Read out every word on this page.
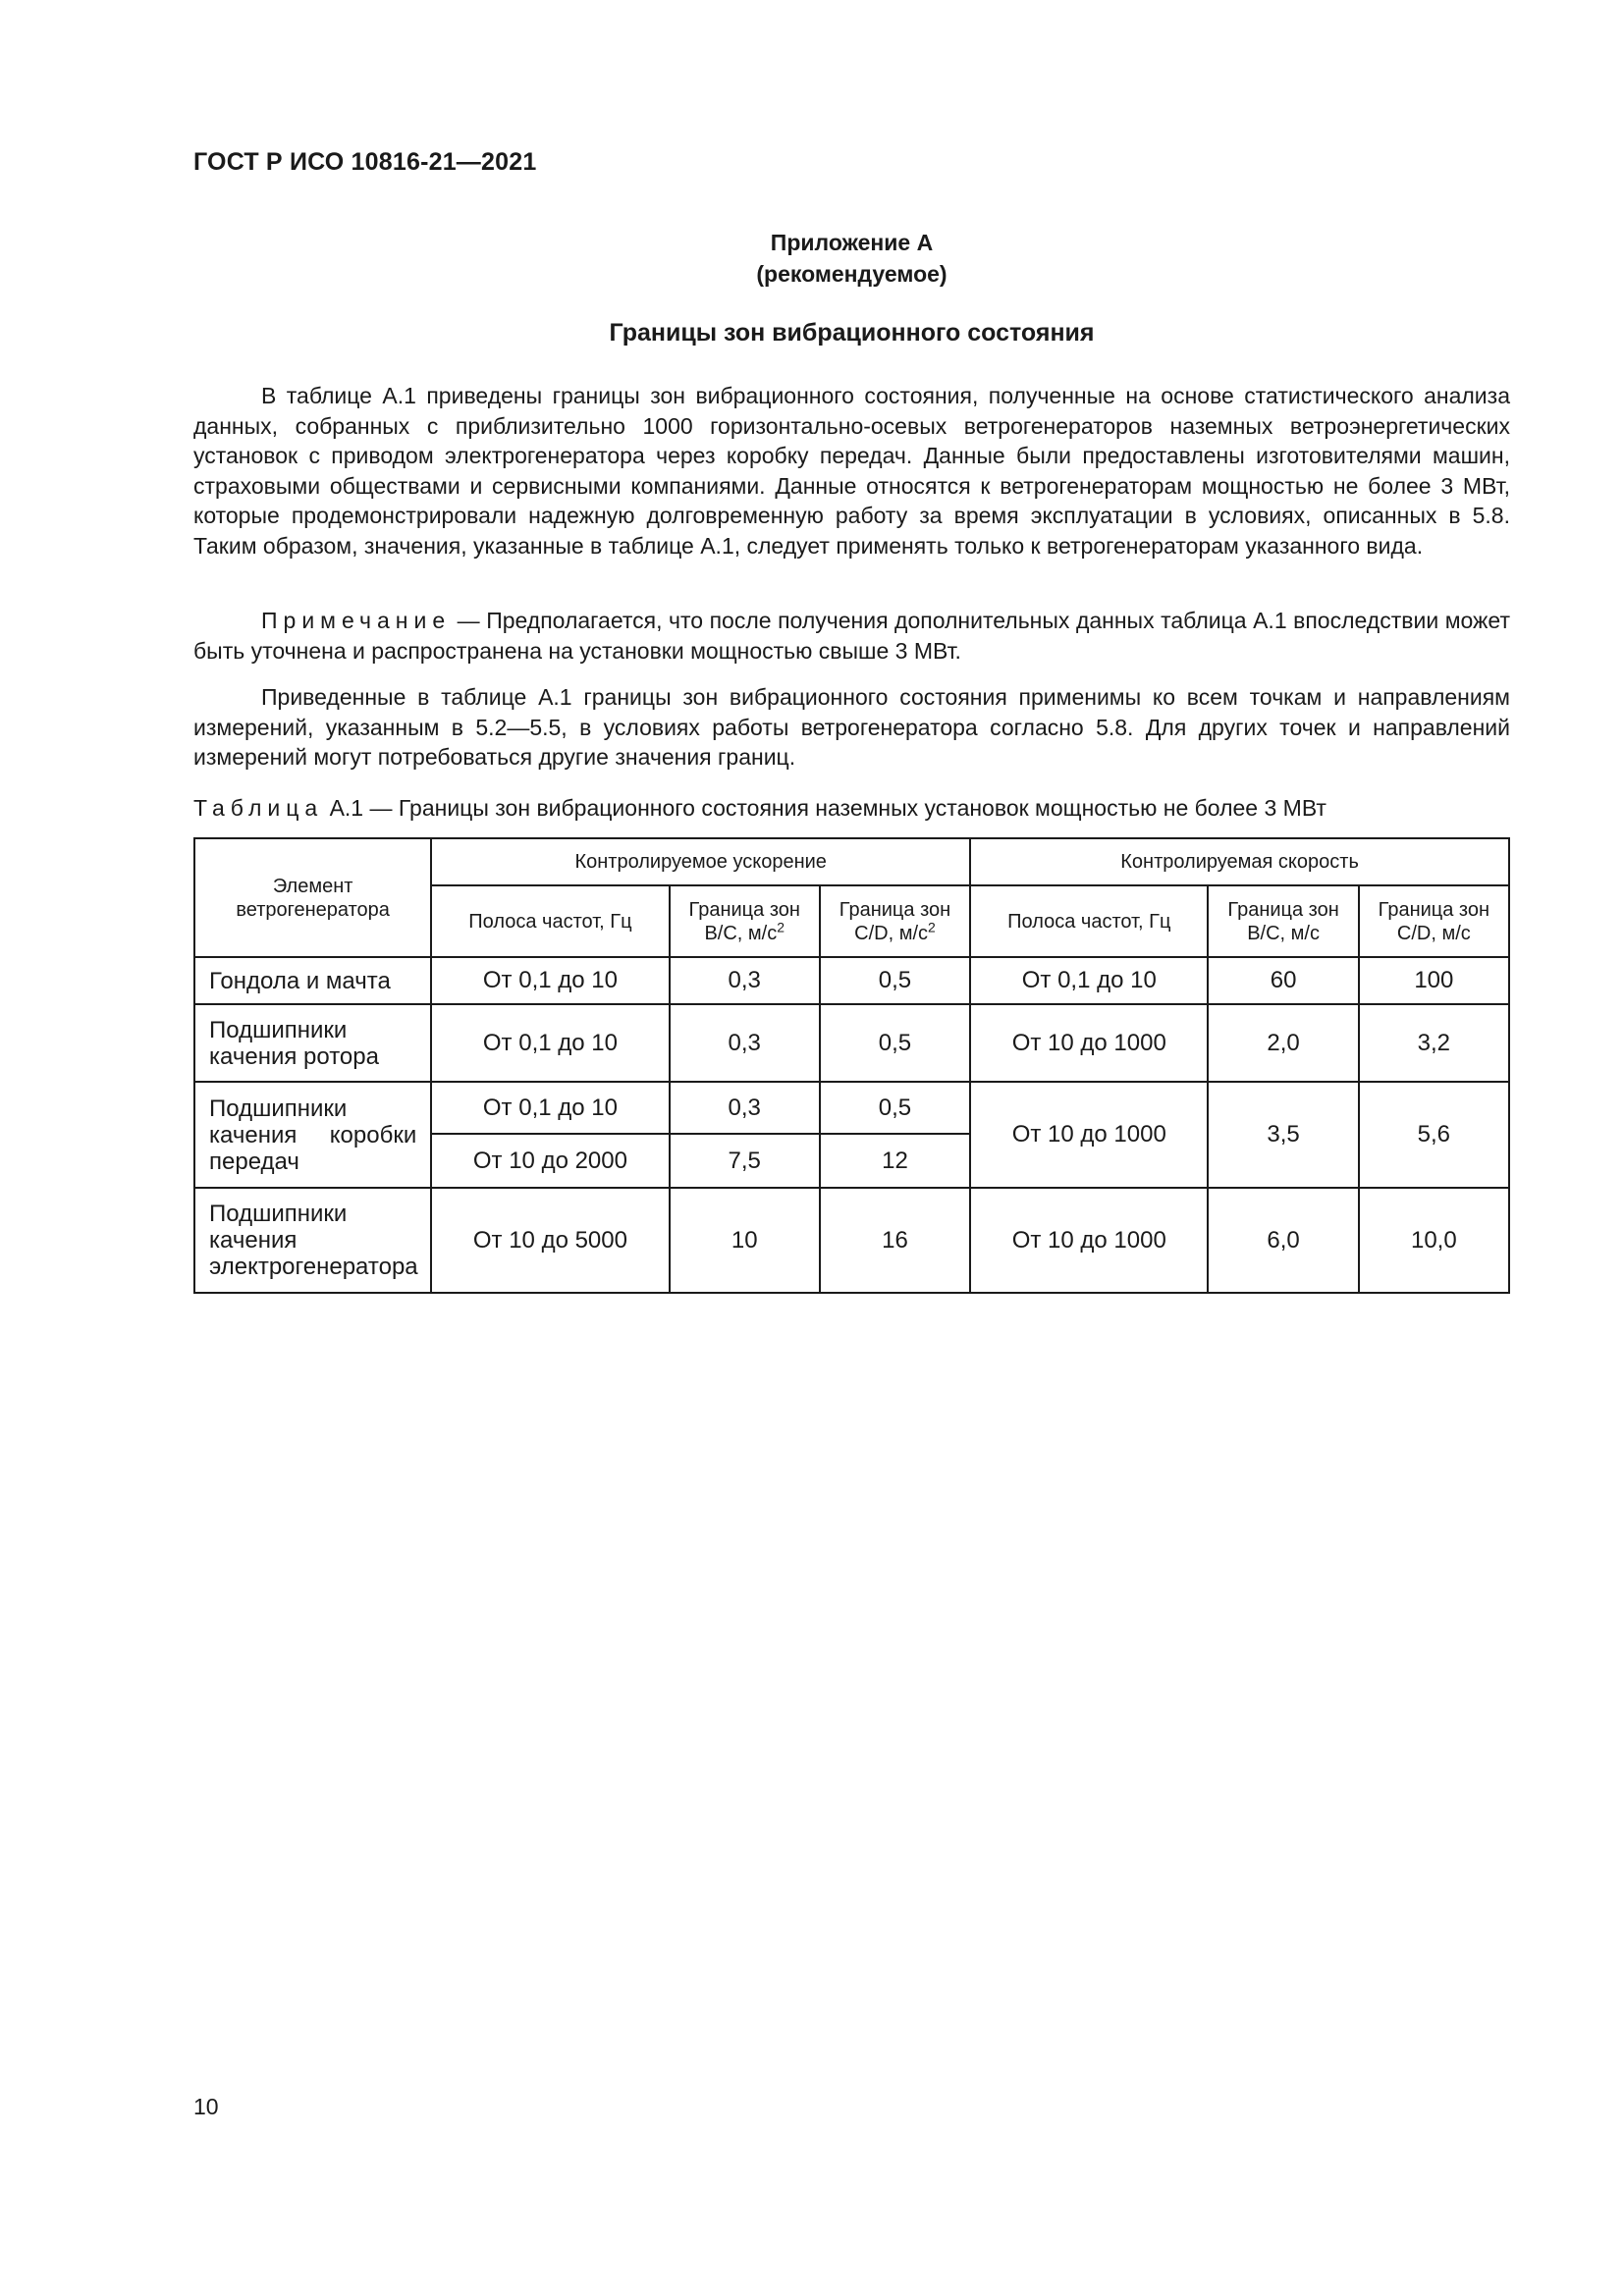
ГОСТ Р ИСО 10816-21—2021
Приложение А
(рекомендуемое)
Границы зон вибрационного состояния

В таблице А.1 приведены границы зон вибрационного состояния, полученные на основе статистического анализа данных, собранных с приблизительно 1000 горизонтально-осевых ветрогенераторов наземных ветроэнергетических установок с приводом электрогенератора через коробку передач. Данные были предоставлены изготовителями машин, страховыми обществами и сервисными компаниями. Данные относятся к ветрогенераторам мощностью не более 3 МВт, которые продемонстрировали надежную долговременную работу за время эксплуатации в условиях, описанных в 5.8. Таким образом, значения, указанные в таблице А.1, следует применять только к ветрогенераторам указанного вида.

Примечание — Предполагается, что после получения дополнительных данных таблица А.1 впоследствии может быть уточнена и распространена на установки мощностью свыше 3 МВт.

Приведенные в таблице А.1 границы зон вибрационного состояния применимы ко всем точкам и направлениям измерений, указанным в 5.2—5.5, в условиях работы ветрогенератора согласно 5.8. Для других точек и направлений измерений могут потребоваться другие значения границ.

Таблица А.1 — Границы зон вибрационного состояния наземных установок мощностью не более 3 МВт
Элемент ветрогенератора	Контролируемое ускорение			Контролируемая скорость		
	Полоса частот, Гц	Граница зон В/С, $м/с^2$	Граница зон С/D, $м/с^2$	Полоса частот, Гц	Граница зон В/С, м/с	Граница зон С/D, м/с
Гондола и мачта	От 0,1 до 10	0,3	0,5	От 0,1 до 10	60	100
Подшипники качения ротора	От 0,1 до 10	0,3	0,5	От 10 до 1000	2,0	3,2
Подшипники качения коробки передач	От 0,1 до 10	0,3	0,5	От 10 до 1000	3,5	5,6
	От 10 до 2000	7,5	12			
Подшипники качения электрогенератора	От 10 до 5000	10	16	От 10 до 1000	6,0	10,0
10
